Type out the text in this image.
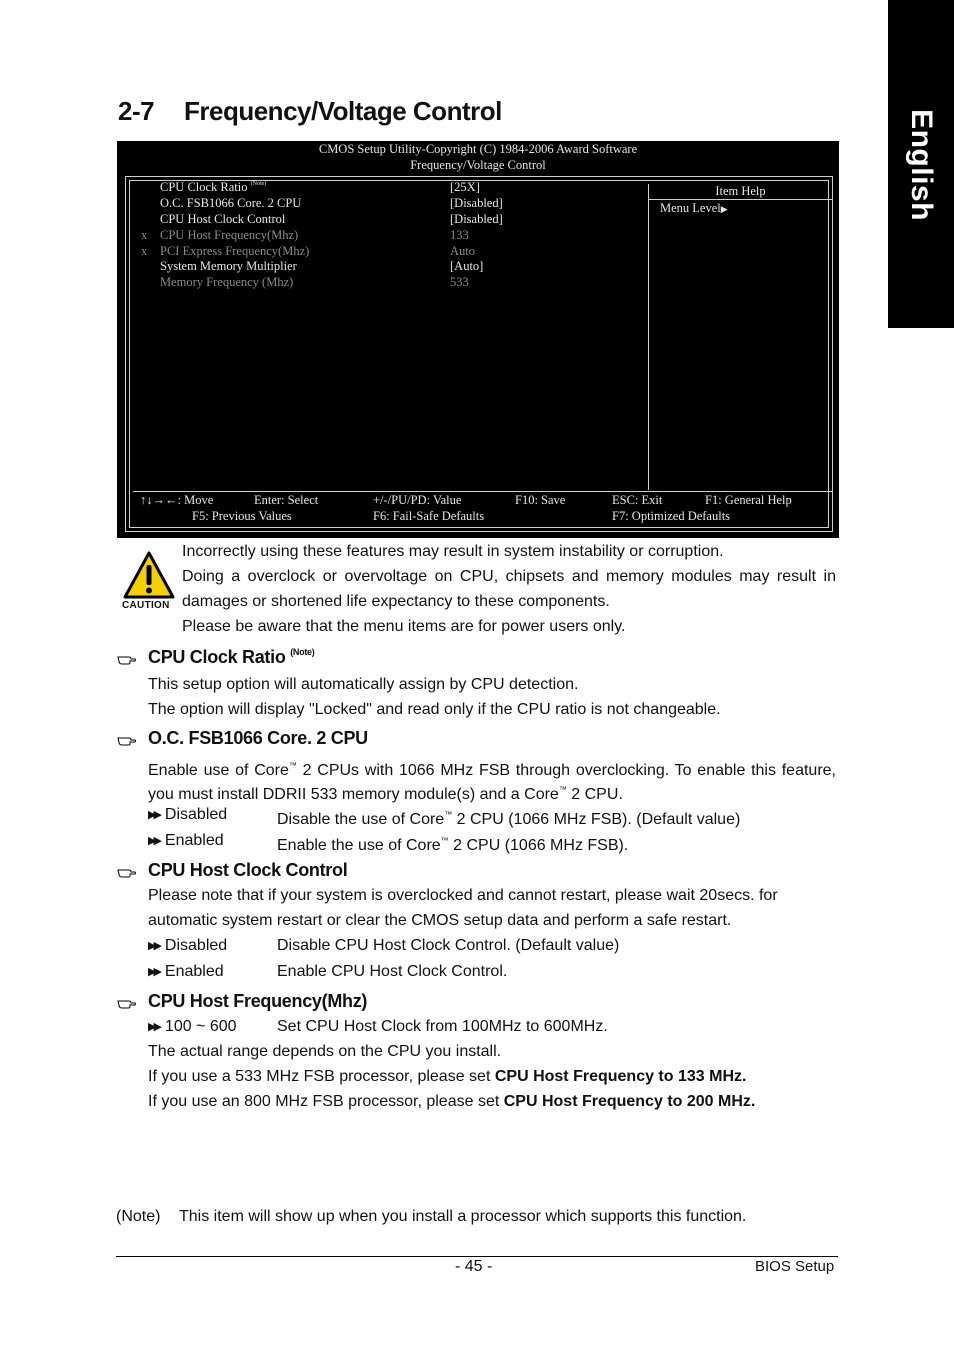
English
2-7 Frequency/Voltage Control
CMOS Setup Utility-Copyright (C) 1984-2006 Award Software
Frequency/Voltage Control
Item Help
Menu Level▶
CPU Clock Ratio $^{(Note)}$	[25X]
O.C. FSB1066 Core. 2 CPU	[Disabled]
CPU Host Clock Control	[Disabled]
x CPU Host Frequency(Mhz)	133
x PCI Express Frequency(Mhz)	Auto
System Memory Multiplier	[Auto]
Memory Frequency (Mhz)	533
↑↓→←: Move	Enter: Select	+/-/PU/PD: Value	F10: Save	ESC: Exit	F1: General Help
F5: Previous Values	F6: Fail-Safe Defaults	F7: Optimized Defaults
CAUTION
Incorrectly using these features may result in system instability or corruption.
Doing a overclock or overvoltage on CPU, chipsets and memory modules may result in
damages or shortened life expectancy to these components.
Please be aware that the menu items are for power users only.
CPU Clock Ratio $^{(Note)}$
This setup option will automatically assign by CPU detection.
The option will display "Locked" and read only if the CPU ratio is not changeable.
O.C. FSB1066 Core. 2 CPU
Enable use of Core™ 2 CPUs with 1066 MHz FSB through overclocking. To enable this feature,
you must install DDRII 533 memory module(s) and a Core™ 2 CPU.
▶▶ Disabled	Disable the use of Core™ 2 CPU (1066 MHz FSB). (Default value)
▶▶ Enabled	Enable the use of Core™ 2 CPU (1066 MHz FSB).
CPU Host Clock Control
Please note that if your system is overclocked and cannot restart, please wait 20secs. for
automatic system restart or clear the CMOS setup data and perform a safe restart.
▶▶ Disabled	Disable CPU Host Clock Control. (Default value)
▶▶ Enabled	Enable CPU Host Clock Control.
CPU Host Frequency(Mhz)
▶▶ 100 ~ 600	Set CPU Host Clock from 100MHz to 600MHz.
The actual range depends on the CPU you install.
If you use a 533 MHz FSB processor, please set CPU Host Frequency to 133 MHz.
If you use an 800 MHz FSB processor, please set CPU Host Frequency to 200 MHz.
(Note) This item will show up when you install a processor which supports this function.
- 45 -	BIOS Setup
